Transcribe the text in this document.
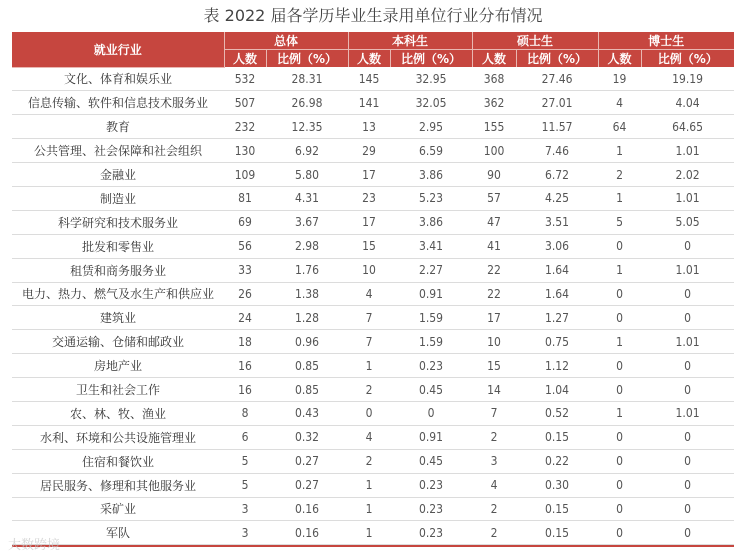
表 2022 届各学历毕业生录用单位行业分布情况
就业行业	总体		本科生		硕士生		博士生	
	人数	比例（%）	人数	比例（%）	人数	比例（%）	人数	比例（%）
文化、体育和娱乐业	532	28.31	145	32.95	368	27.46	19	19.19
信息传输、软件和信息技术服务业	507	26.98	141	32.05	362	27.01	4	4.04
教育	232	12.35	13	2.95	155	11.57	64	64.65
公共管理、社会保障和社会组织	130	6.92	29	6.59	100	7.46	1	1.01
金融业	109	5.80	17	3.86	90	6.72	2	2.02
制造业	81	4.31	23	5.23	57	4.25	1	1.01
科学研究和技术服务业	69	3.67	17	3.86	47	3.51	5	5.05
批发和零售业	56	2.98	15	3.41	41	3.06	0	0
租赁和商务服务业	33	1.76	10	2.27	22	1.64	1	1.01
电力、热力、燃气及水生产和供应业	26	1.38	4	0.91	22	1.64	0	0
建筑业	24	1.28	7	1.59	17	1.27	0	0
交通运输、仓储和邮政业	18	0.96	7	1.59	10	0.75	1	1.01
房地产业	16	0.85	1	0.23	15	1.12	0	0
卫生和社会工作	16	0.85	2	0.45	14	1.04	0	0
农、林、牧、渔业	8	0.43	0	0	7	0.52	1	1.01
水利、环境和公共设施管理业	6	0.32	4	0.91	2	0.15	0	0
住宿和餐饮业	5	0.27	2	0.45	3	0.22	0	0
居民服务、修理和其他服务业	5	0.27	1	0.23	4	0.30	0	0
采矿业	3	0.16	1	0.23	2	0.15	0	0
军队	3	0.16	1	0.23	2	0.15	0	0
大数跨境
